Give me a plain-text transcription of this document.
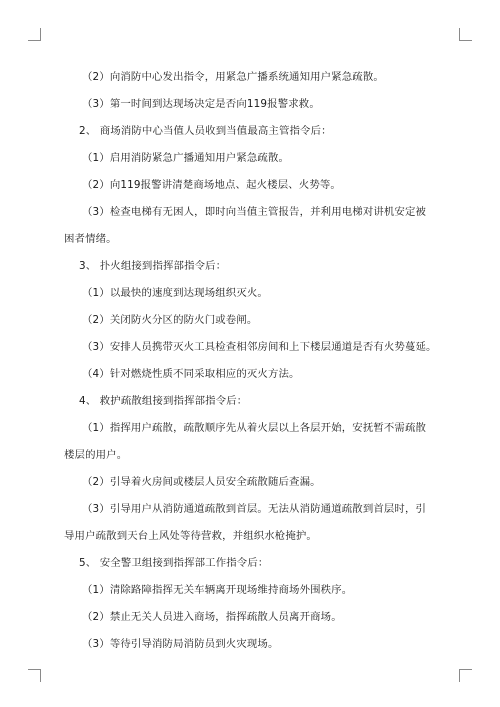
（2）向消防中心发出指令，用紧急广播系统通知用户紧急疏散。

（3）第一时间到达现场决定是否向119报警求救。

2、 商场消防中心当值人员收到当值最高主管指令后：

（1）启用消防紧急广播通知用户紧急疏散。

（2）向119报警讲清楚商场地点、起火楼层、火势等。

（3）检查电梯有无困人，即时向当值主管报告，并利用电梯对讲机安定被困者情绪。

3、 扑火组接到指挥部指令后：

（1）以最快的速度到达现场组织灭火。

（2）关闭防火分区的防火门或卷闸。

（3）安排人员携带灭火工具检查相邻房间和上下楼层通道是否有火势蔓延。

（4）针对燃烧性质不同采取相应的灭火方法。

4、 救护疏散组接到指挥部指令后：

（1）指挥用户疏散，疏散顺序先从着火层以上各层开始，安抚暂不需疏散楼层的用户。

（2）引导着火房间或楼层人员安全疏散随后查漏。

（3）引导用户从消防通道疏散到首层。无法从消防通道疏散到首层时，引导用户疏散到天台上风处等待营救，并组织水枪掩护。

5、 安全警卫组接到指挥部工作指令后：

（1）清除路障指挥无关车辆离开现场维持商场外围秩序。

（2）禁止无关人员进入商场，指挥疏散人员离开商场。

（3）等待引导消防局消防员到火灾现场。
